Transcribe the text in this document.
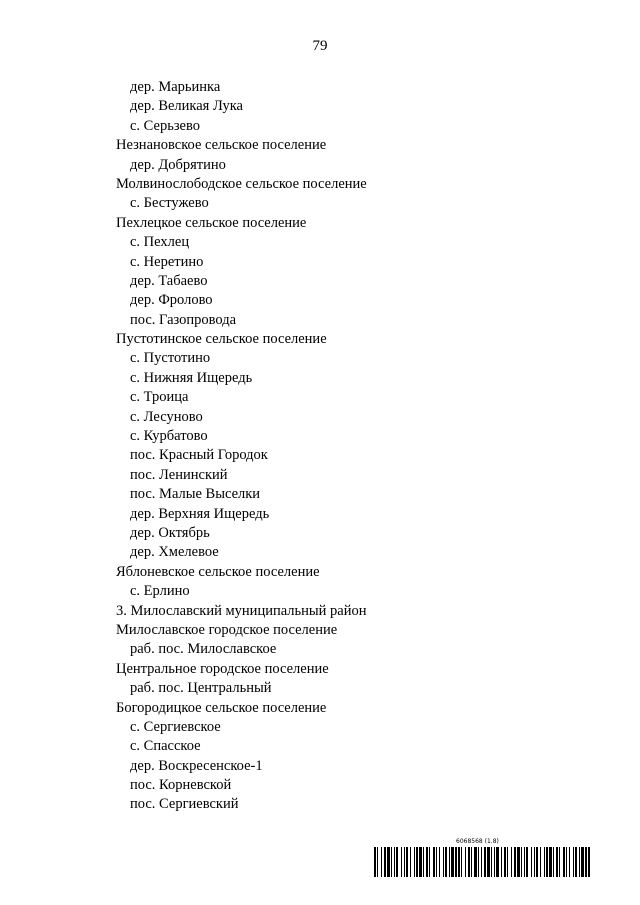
79
дер. Марьинка
дер. Великая Лука
с. Серьзево
Незнановское сельское поселение
дер. Добрятино
Молвинослободское сельское поселение
с. Бестужево
Пехлецкое сельское поселение
с. Пехлец
с. Неретино
дер. Табаево
дер. Фролово
пос. Газопровода
Пустотинское сельское поселение
с. Пустотино
с. Нижняя Ищередь
с. Троица
с. Лесуново
с. Курбатово
пос. Красный Городок
пос. Ленинский
пос. Малые Выселки
дер. Верхняя Ищередь
дер. Октябрь
дер. Хмелевое
Яблоневское сельское поселение
с. Ерлино
3. Милославский муниципальный район
Милославское городское поселение
раб. пос. Милославское
Центральное городское поселение
раб. пос. Центральный
Богородицкое сельское поселение
с. Сергиевское
с. Спасское
дер. Воскресенское-1
пос. Корневской
пос. Сергиевский
6068568 (1.8)
